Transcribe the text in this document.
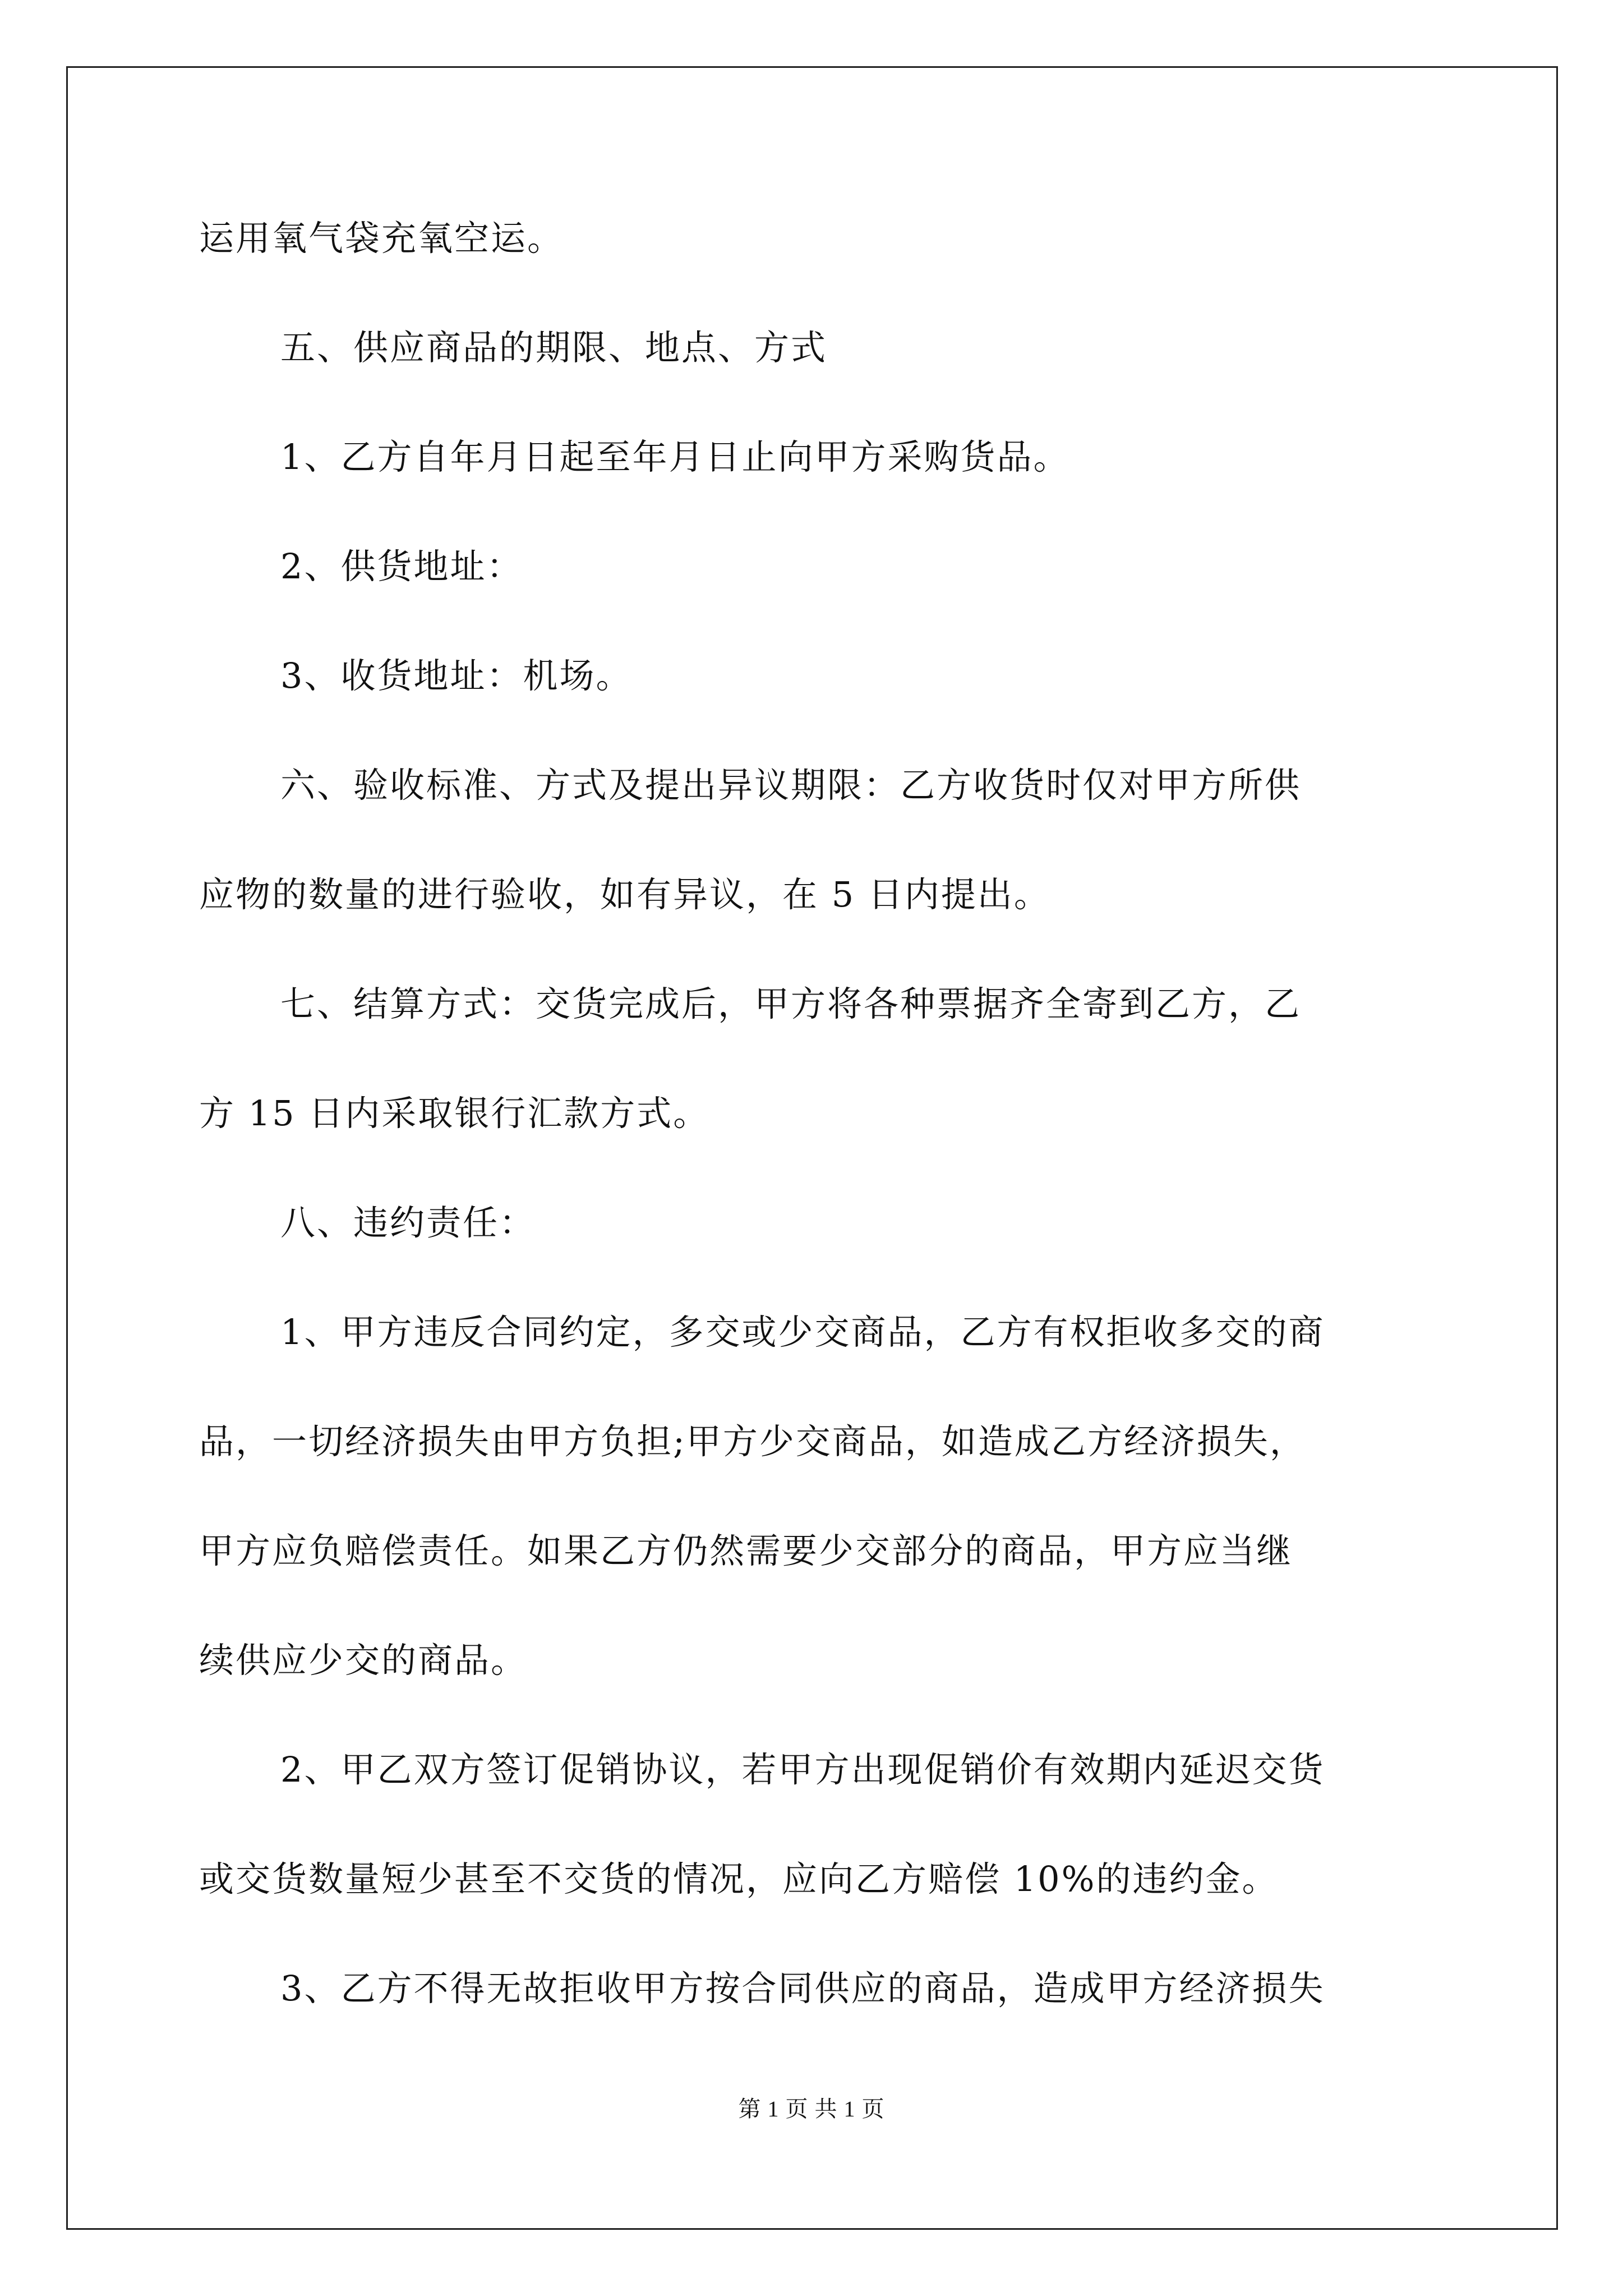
运用氧气袋充氧空运。
五、供应商品的期限、地点、方式
1、乙方自年月日起至年月日止向甲方采购货品。
2、供货地址：
3、收货地址：机场。
六、验收标准、方式及提出异议期限：乙方收货时仅对甲方所供
应物的数量的进行验收，如有异议，在 5 日内提出。
七、结算方式：交货完成后，甲方将各种票据齐全寄到乙方，乙
方 15 日内采取银行汇款方式。
八、违约责任：
1、甲方违反合同约定，多交或少交商品，乙方有权拒收多交的商
品，一切经济损失由甲方负担;甲方少交商品，如造成乙方经济损失，
甲方应负赔偿责任。如果乙方仍然需要少交部分的商品，甲方应当继
续供应少交的商品。
2、甲乙双方签订促销协议，若甲方出现促销价有效期内延迟交货
或交货数量短少甚至不交货的情况，应向乙方赔偿 10%的违约金。
3、乙方不得无故拒收甲方按合同供应的商品，造成甲方经济损失
第 1 页 共 1 页
